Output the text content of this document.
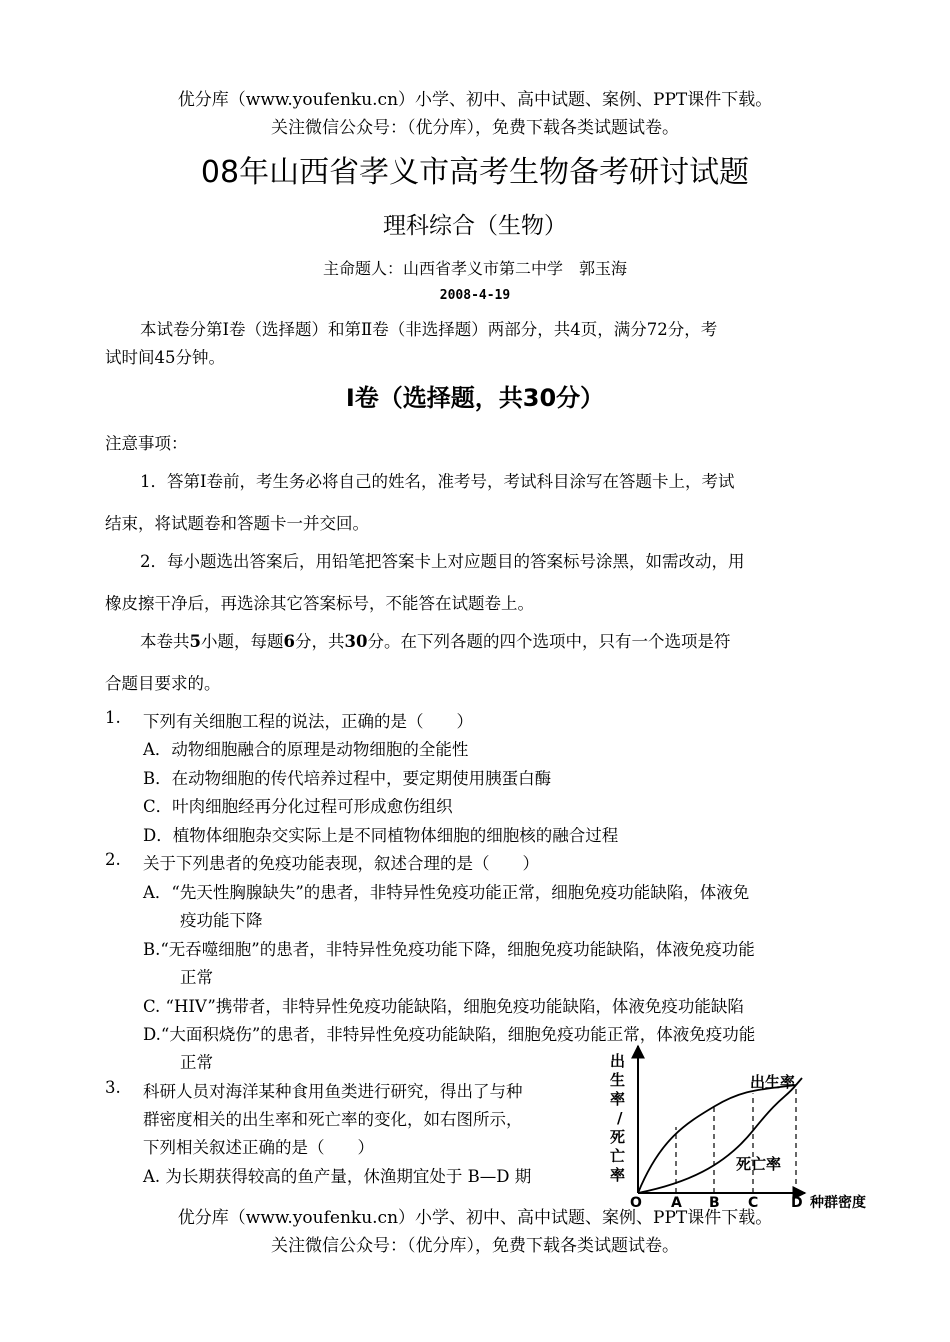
优分库（www.youfenku.cn）小学、初中、高中试题、案例、PPT课件下载。
关注微信公众号：（优分库），免费下载各类试题试卷。
08年山西省孝义市高考生物备考研讨试题
理科综合（生物）
主命题人：山西省孝义市第二中学　郭玉海
2008-4-19
本试卷分第Ⅰ卷（选择题）和第Ⅱ卷（非选择题）两部分，共4页，满分72分，考
试时间45分钟。
Ⅰ卷（选择题，共30分）
注意事项：
1．答第Ⅰ卷前，考生务必将自己的姓名，准考号，考试科目涂写在答题卡上，考试
结束，将试题卷和答题卡一并交回。
2．每小题选出答案后，用铅笔把答案卡上对应题目的答案标号涂黑，如需改动，用
橡皮擦干净后，再选涂其它答案标号，不能答在试题卷上。
本卷共5小题，每题6分，共30分。在下列各题的四个选项中，只有一个选项是符
合题目要求的。
1. 下列有关细胞工程的说法，正确的是（　　）
A．动物细胞融合的原理是动物细胞的全能性
B．在动物细胞的传代培养过程中，要定期使用胰蛋白酶
C．叶肉细胞经再分化过程可形成愈伤组织
D．植物体细胞杂交实际上是不同植物体细胞的细胞核的融合过程
2. 关于下列患者的免疫功能表现，叙述合理的是（　　）
A．“先天性胸腺缺失”的患者，非特异性免疫功能正常，细胞免疫功能缺陷，体液免
疫功能下降
B.“无吞噬细胞”的患者，非特异性免疫功能下降，细胞免疫功能缺陷，体液免疫功能
正常
C. “HIV”携带者，非特异性免疫功能缺陷，细胞免疫功能缺陷，体液免疫功能缺陷
D.“大面积烧伤”的患者，非特异性免疫功能缺陷，细胞免疫功能正常，体液免疫功能
正常
3. 科研人员对海洋某种食用鱼类进行研究，得出了与种
群密度相关的出生率和死亡率的变化，如右图所示，
下列相关叙述正确的是（　　）
A. 为长期获得较高的鱼产量，休渔期宜处于 B—D 期
出
生
率
/
死
亡
率
种群密度
O A B C D
出生率
死亡率
优分库（www.youfenku.cn）小学、初中、高中试题、案例、PPT课件下载。
关注微信公众号：（优分库），免费下载各类试题试卷。
